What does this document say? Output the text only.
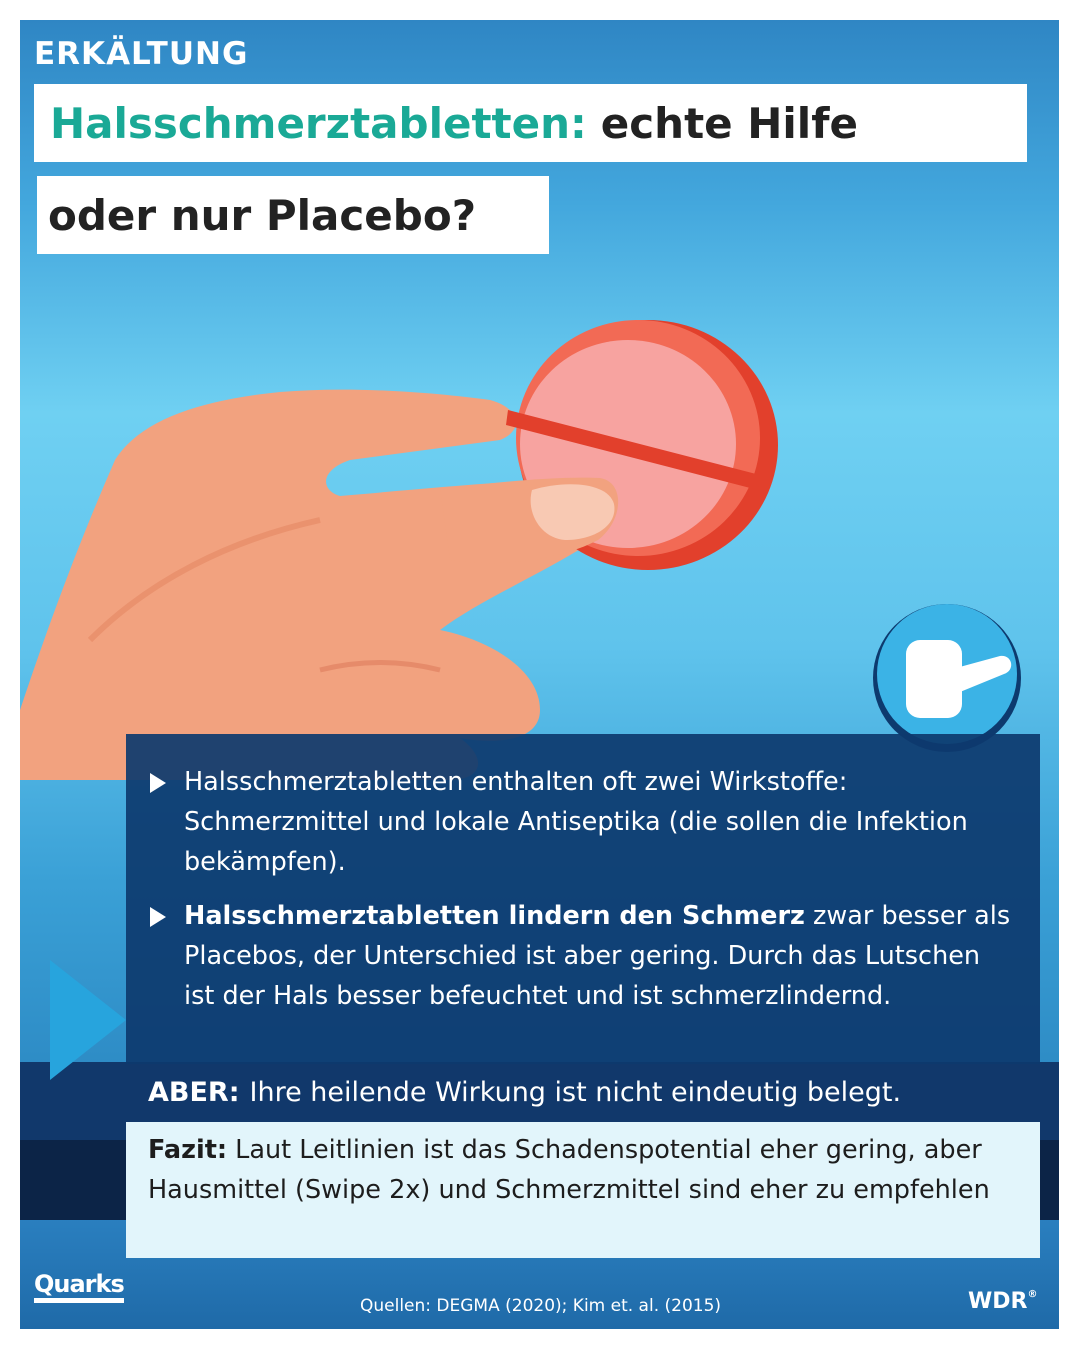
ERKÄLTUNG
Halsschmerztabletten: echte Hilfe
oder nur Placebo?
Halsschmerztabletten enthalten oft zwei Wirkstoffe: Schmerzmittel und lokale Antiseptika (die sollen die Infektion bekämpfen).
Halsschmerztabletten lindern den Schmerz zwar besser als Placebos, der Unterschied ist aber gering. Durch das Lutschen ist der Hals besser befeuchtet und ist schmerzlindernd.
ABER: Ihre heilende Wirkung ist nicht eindeutig belegt.
Fazit: Laut Leitlinien ist das Schadenspotential eher gering, aber Hausmittel (Swipe 2x) und Schmerzmittel sind eher zu empfehlen
Quarks
Quellen: DEGMA (2020); Kim et. al. (2015)	WDR®
